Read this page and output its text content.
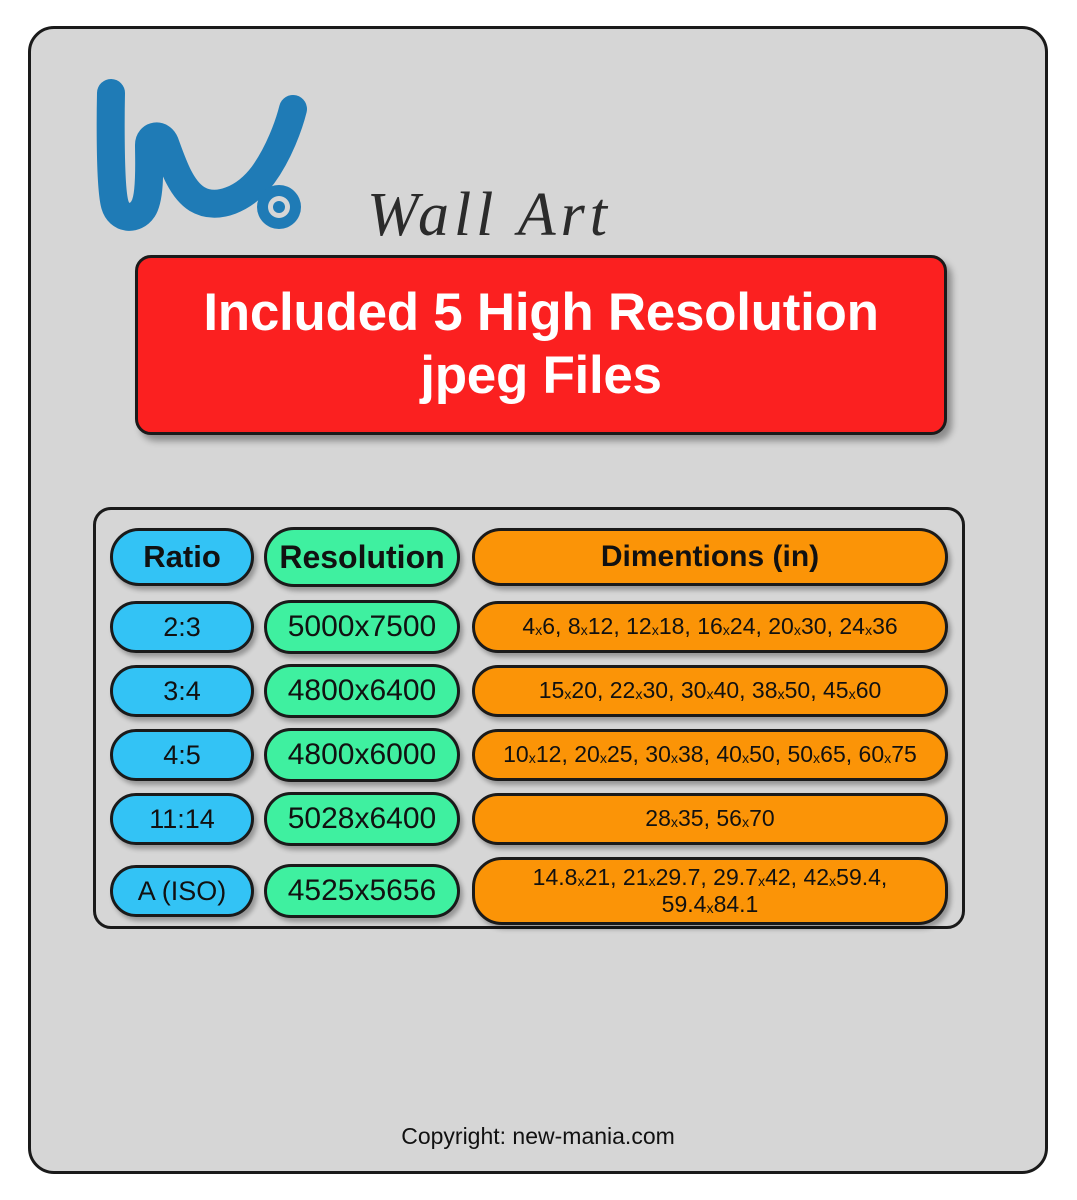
Wall Art
Included 5 High Resolution
jpeg Files
Ratio	Resolution	Dimentions (in)
2:3	5000x7500	4x6, 8x12, 12x18, 16x24, 20x30, 24x36
3:4	4800x6400	15x20, 22x30, 30x40, 38x50, 45x60
4:5	4800x6000	10x12, 20x25, 30x38, 40x50, 50x65, 60x75
11:14	5028x6400	28x35, 56x70
A (ISO)	4525x5656	14.8x21, 21x29.7, 29.7x42, 42x59.4, 59.4x84.1
Copyright: new-mania.com
